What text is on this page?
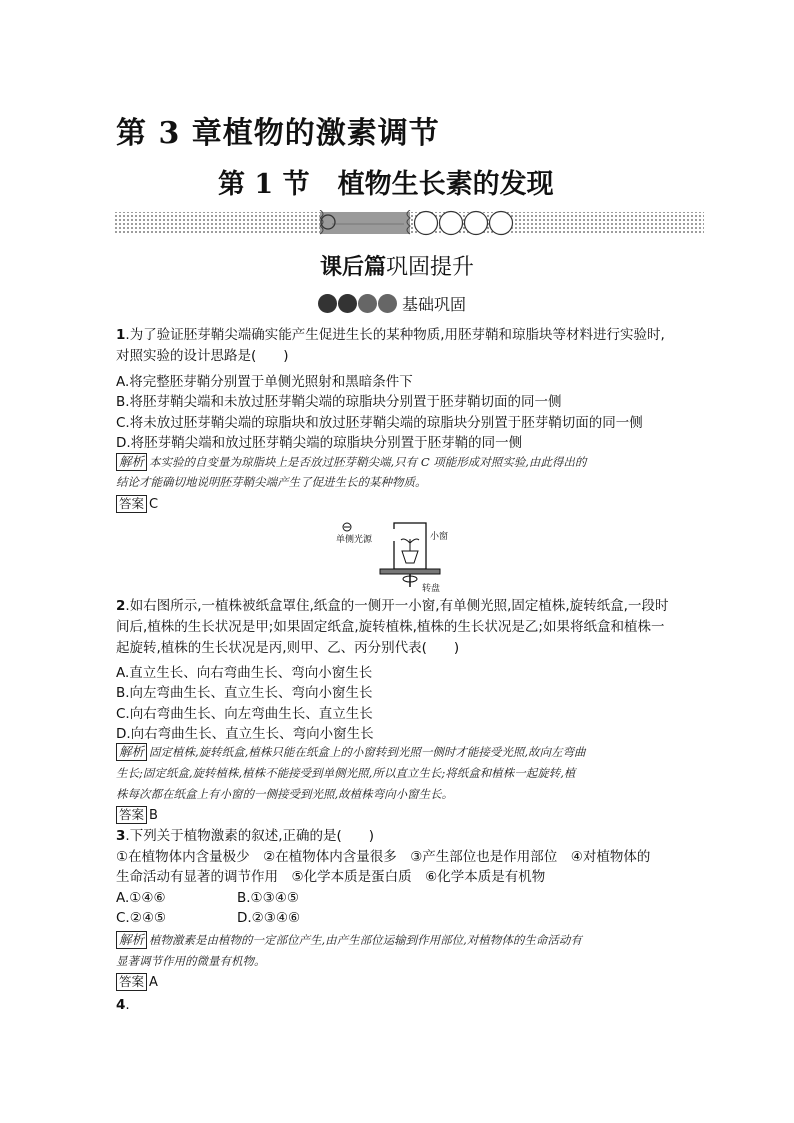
第 3 章植物的激素调节
第 1 节 植物生长素的发现
课后篇巩固提升
基础巩固
1.为了验证胚芽鞘尖端确实能产生促进生长的某种物质,用胚芽鞘和琼脂块等材料进行实验时,
对照实验的设计思路是(　　)
A.将完整胚芽鞘分别置于单侧光照射和黑暗条件下
B.将胚芽鞘尖端和未放过胚芽鞘尖端的琼脂块分别置于胚芽鞘切面的同一侧
C.将未放过胚芽鞘尖端的琼脂块和放过胚芽鞘尖端的琼脂块分别置于胚芽鞘切面的同一侧
D.将胚芽鞘尖端和放过胚芽鞘尖端的琼脂块分别置于胚芽鞘的同一侧
解析 本实验的自变量为琼脂块上是否放过胚芽鞘尖端,只有 C 项能形成对照实验,由此得出的
结论才能确切地说明胚芽鞘尖端产生了促进生长的某种物质。
答案 C
单侧光源	小窗
转盘
2.如右图所示,一植株被纸盒罩住,纸盒的一侧开一小窗,有单侧光照,固定植株,旋转纸盒,一段时
间后,植株的生长状况是甲;如果固定纸盒,旋转植株,植株的生长状况是乙;如果将纸盒和植株一
起旋转,植株的生长状况是丙,则甲、乙、丙分别代表(　　)
A.直立生长、向右弯曲生长、弯向小窗生长
B.向左弯曲生长、直立生长、弯向小窗生长
C.向右弯曲生长、向左弯曲生长、直立生长
D.向右弯曲生长、直立生长、弯向小窗生长
解析 固定植株,旋转纸盒,植株只能在纸盒上的小窗转到光照一侧时才能接受光照,故向左弯曲
生长;固定纸盒,旋转植株,植株不能接受到单侧光照,所以直立生长;将纸盒和植株一起旋转,植
株每次都在纸盒上有小窗的一侧接受到光照,故植株弯向小窗生长。
答案 B
3.下列关于植物激素的叙述,正确的是(　　)
①在植物体内含量极少　②在植物体内含量很多　③产生部位也是作用部位　④对植物体的
生命活动有显著的调节作用　⑤化学本质是蛋白质　⑥化学本质是有机物
A.①④⑥	B.①③④⑤
C.②④⑤	D.②③④⑥
解析 植物激素是由植物的一定部位产生,由产生部位运输到作用部位,对植物体的生命活动有
显著调节作用的微量有机物。
答案 A
4.
